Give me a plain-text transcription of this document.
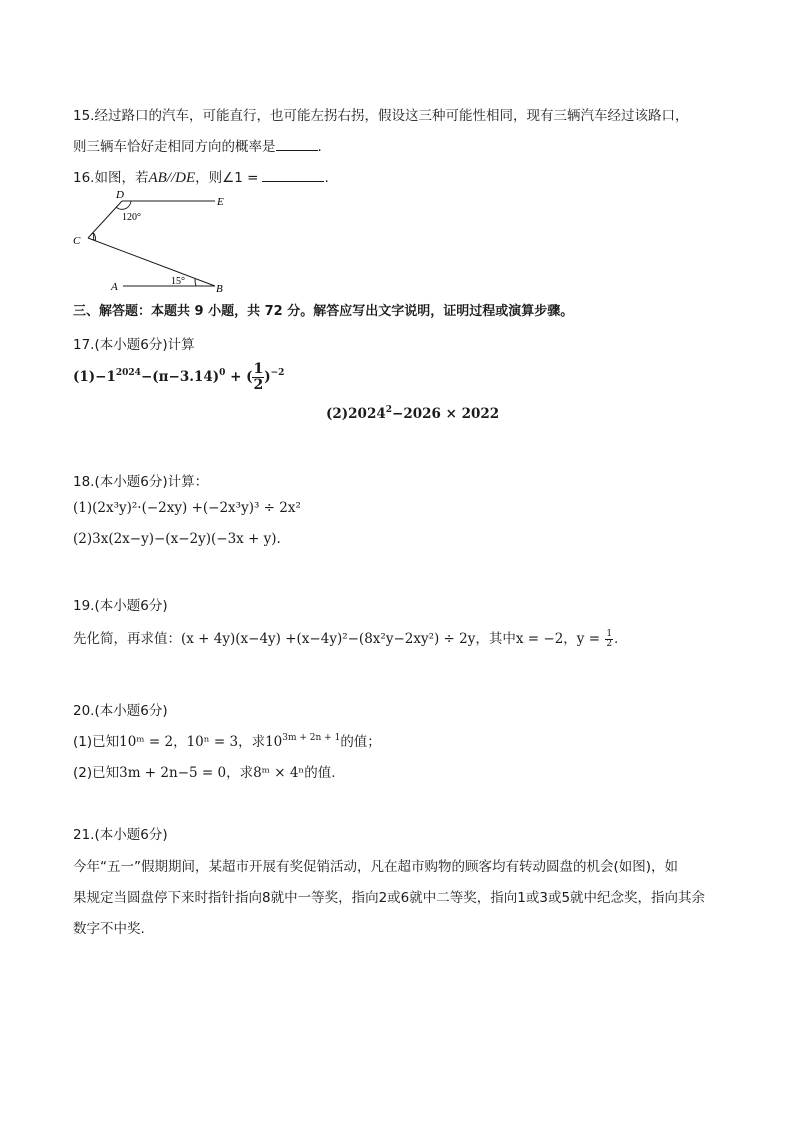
15.经过路口的汽车，可能直行，也可能左拐右拐，假设这三种可能性相同，现有三辆汽车经过该路口，
则三辆车恰好走相同方向的概率是	.
16.如图，若AB//DE，则∠1 =	.
D
E
C 1
120°
A	15°
B
三、解答题：本题共 9 小题，共 72 分。解答应写出文字说明，证明过程或演算步骤。
17.(本小题6分)计算
$(1)-1^{2024}-(\pi-3.14)^0$ + ( $\frac{1}{2} )^{-2}$
$(2)2024^2-2026 \times 2022$
18.(本小题6分)计算：
(1)(2x³y)²·(−2xy) +(−2x³y)³ ÷ 2x²
(2)3x(2x−y)−(x−2y)(−3x + y).
19.(本小题6分)
先化简，再求值：(x + 4y)(x−4y) +(x−4y)²−(8x²y−2xy²) ÷ 2y，其中x = −2，$y = \frac{1}{2}$ .
20.(本小题6分)
(1)已知10ᵐ = 2，10ⁿ = 3，求$10^{3m + 2n + 1}$的值；
(2)已知3m + 2n−5 = 0，求8ᵐ × 4ⁿ的值.
21.(本小题6分)
今年“五一”假期期间，某超市开展有奖促销活动，凡在超市购物的顾客均有转动圆盘的机会(如图)，如
果规定当圆盘停下来时指针指向8就中一等奖，指向2或6就中二等奖，指向1或3或5就中纪念奖，指向其余
数字不中奖.
